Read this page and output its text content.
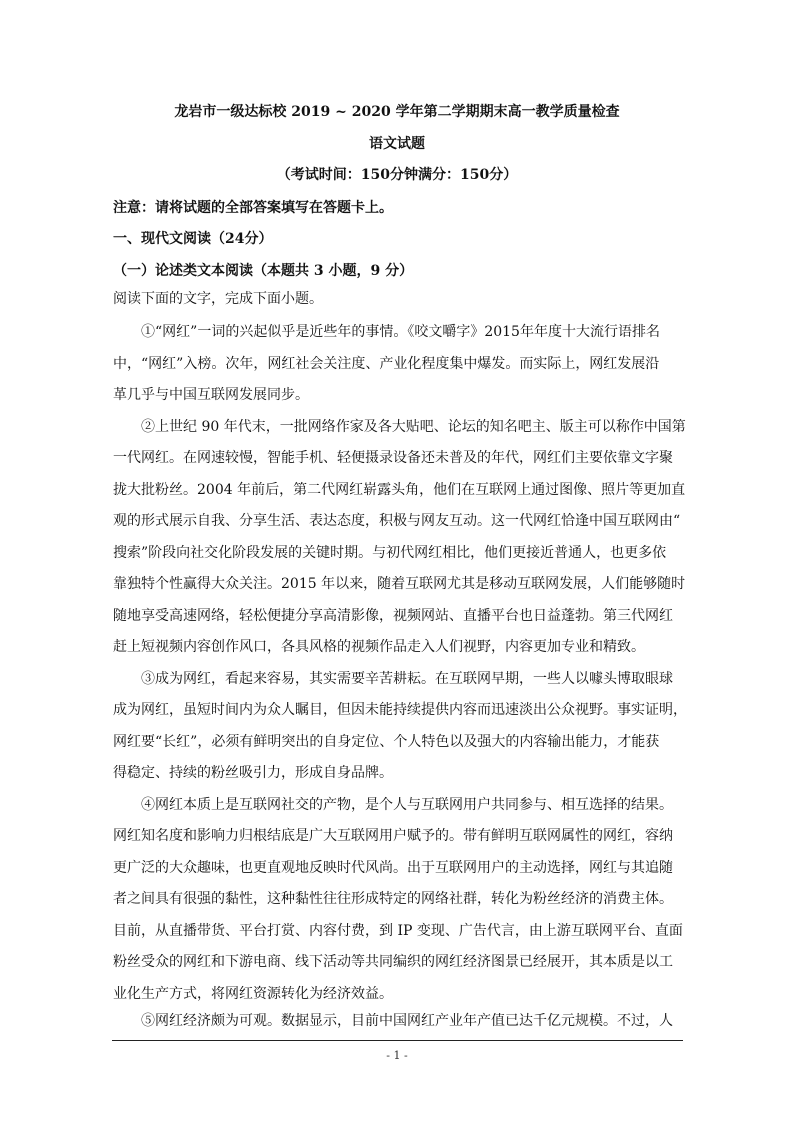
龙岩市一级达标校 2019 ~ 2020 学年第二学期期末高一教学质量检查
语文试题
（考试时间：150分钟满分：150分）
注意：请将试题的全部答案填写在答题卡上。
一、现代文阅读（24分）
（一）论述类文本阅读（本题共 3 小题，9 分）
阅读下面的文字，完成下面小题。
①“网红”一词的兴起似乎是近些年的事情。《咬文嚼字》2015年年度十大流行语排名
中，“网红”入榜。次年，网红社会关注度、产业化程度集中爆发。而实际上，网红发展沿
革几乎与中国互联网发展同步。
②上世纪 90 年代末，一批网络作家及各大贴吧、论坛的知名吧主、版主可以称作中国第
一代网红。在网速较慢，智能手机、轻便摄录设备还未普及的年代，网红们主要依靠文字聚
拢大批粉丝。2004 年前后，第二代网红崭露头角，他们在互联网上通过图像、照片等更加直
观的形式展示自我、分享生活、表达态度，积极与网友互动。这一代网红恰逢中国互联网由“
搜索”阶段向社交化阶段发展的关键时期。与初代网红相比，他们更接近普通人，也更多依
靠独特个性赢得大众关注。2015 年以来，随着互联网尤其是移动互联网发展，人们能够随时
随地享受高速网络，轻松便捷分享高清影像，视频网站、直播平台也日益蓬勃。第三代网红
赶上短视频内容创作风口，各具风格的视频作品走入人们视野，内容更加专业和精致。
③成为网红，看起来容易，其实需要辛苦耕耘。在互联网早期，一些人以噱头博取眼球
成为网红，虽短时间内为众人瞩目，但因未能持续提供内容而迅速淡出公众视野。事实证明，
网红要“长红”，必须有鲜明突出的自身定位、个人特色以及强大的内容输出能力，才能获
得稳定、持续的粉丝吸引力，形成自身品牌。
④网红本质上是互联网社交的产物，是个人与互联网用户共同参与、相互选择的结果。
网红知名度和影响力归根结底是广大互联网用户赋予的。带有鲜明互联网属性的网红，容纳
更广泛的大众趣味，也更直观地反映时代风尚。出于互联网用户的主动选择，网红与其追随
者之间具有很强的黏性，这种黏性往往形成特定的网络社群，转化为粉丝经济的消费主体。
目前，从直播带货、平台打赏、内容付费，到 IP 变现、广告代言，由上游互联网平台、直面
粉丝受众的网红和下游电商、线下活动等共同编织的网红经济图景已经展开，其本质是以工
业化生产方式，将网红资源转化为经济效益。
⑤网红经济颇为可观。数据显示，目前中国网红产业年产值已达千亿元规模。不过，人
- 1 -
